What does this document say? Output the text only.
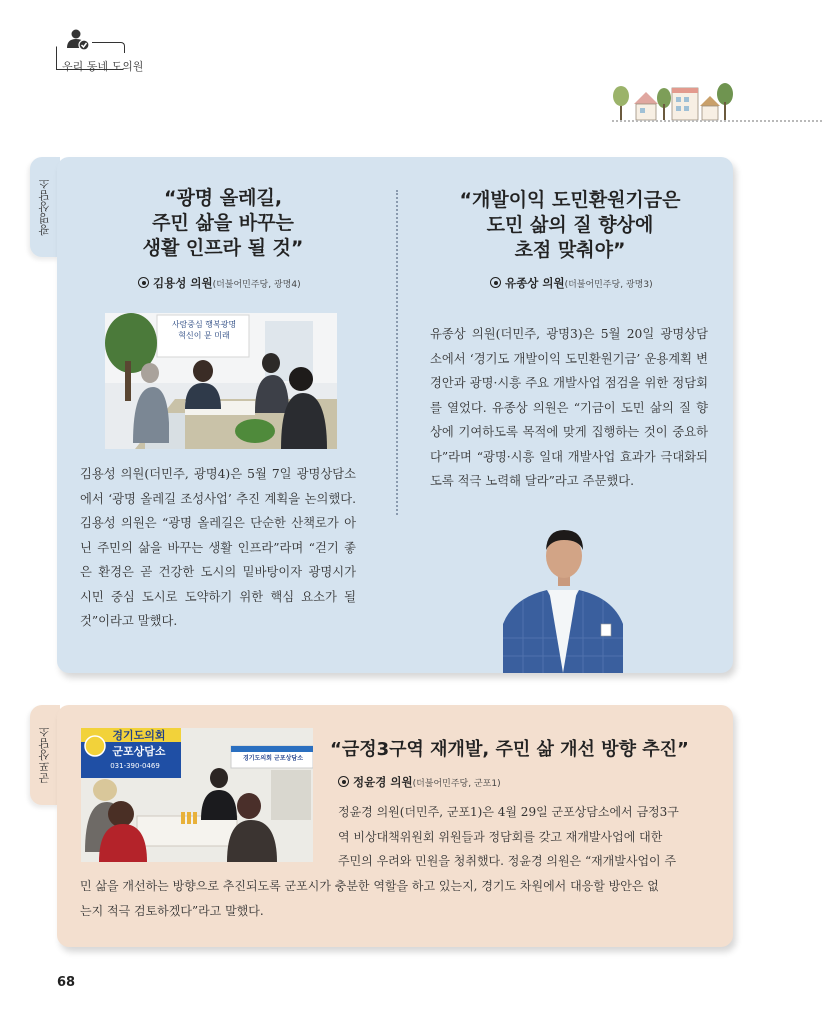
우리 동네 도의원
광명상담소	“광명 올레길,
주민 삶을 바꾸는
생활 인프라 될 것”
김용성 의원(더불어민주당, 광명4)
사람중심 행복광명
혁신이 문 미래

김용성 의원(더민주, 광명4)은 5월 7일 광명상담소에서 ‘광명 올레길 조성사업’ 추진 계획을 논의했다. 김용성 의원은 “광명 올레길은 단순한 산책로가 아닌 주민의 삶을 바꾸는 생활 인프라”라며 “걷기 좋은 환경은 곧 건강한 도시의 밑바탕이자 광명시가 시민 중심 도시로 도약하기 위한 핵심 요소가 될 것”이라고 말했다.

“개발이익 도민환원기금은
도민 삶의 질 향상에
초점 맞춰야”
유종상 의원(더불어민주당, 광명3)

유종상 의원(더민주, 광명3)은 5월 20일 광명상담소에서 ‘경기도 개발이익 도민환원기금’ 운용계획 변경안과 광명·시흥 주요 개발사업 점검을 위한 정담회를 열었다. 유종상 의원은 “기금이 도민 삶의 질 향상에 기여하도록 목적에 맞게 집행하는 것이 중요하다”라며 “광명·시흥 일대 개발사업 효과가 극대화되도록 적극 노력해 달라”라고 주문했다.

군포상담소	경기도의회
군포상담소
031-390-0469
경기도의회 군포상담소	“금정3구역 재개발, 주민 삶 개선 방향 추진”
정윤경 의원(더불어민주당, 군포1)

정윤경 의원(더민주, 군포1)은 4월 29일 군포상담소에서 금정3구

역 비상대책위원회 위원들과 정담회를 갖고 재개발사업에 대한

주민의 우려와 민원을 청취했다. 정윤경 의원은 “재개발사업이 주

민 삶을 개선하는 방향으로 추진되도록 군포시가 충분한 역할을 하고 있는지, 경기도 차원에서 대응할 방안은 없

는지 적극 검토하겠다”라고 말했다.

68
